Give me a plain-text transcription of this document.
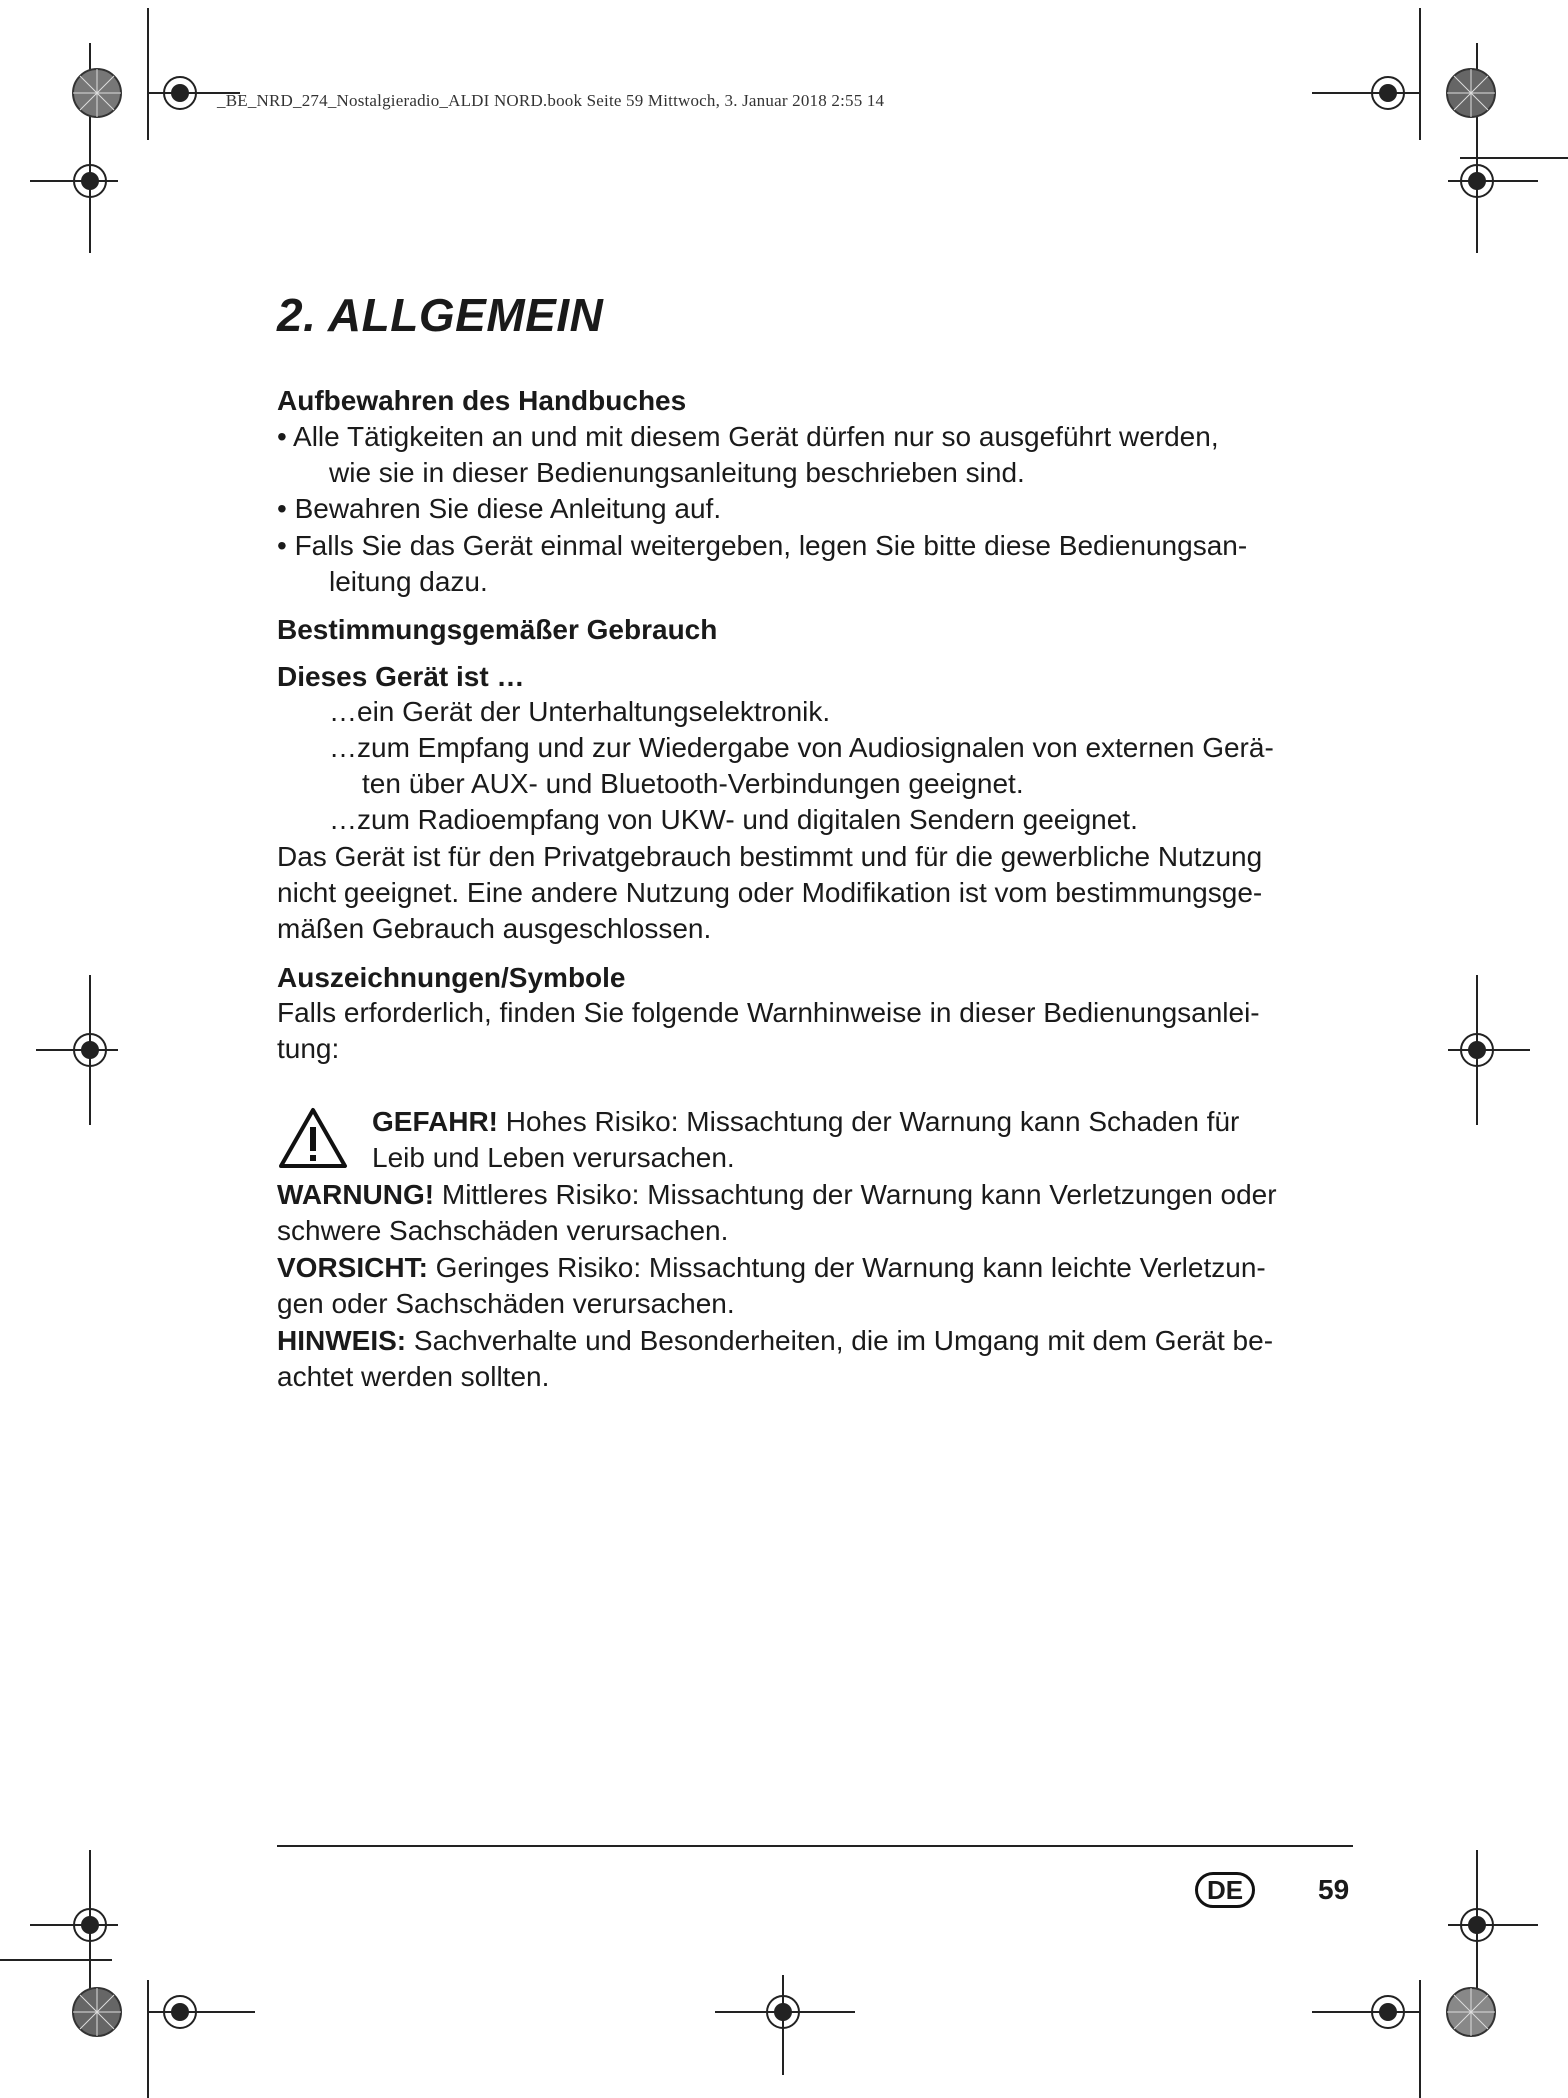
_BE_NRD_274_Nostalgieradio_ALDI NORD.book Seite 59 Mittwoch, 3. Januar 2018 2:55 14
2. ALLGEMEIN
Aufbewahren des Handbuches
• Alle Tätigkeiten an und mit diesem Gerät dürfen nur so ausgeführt werden,
wie sie in dieser Bedienungsanleitung beschrieben sind.
• Bewahren Sie diese Anleitung auf.
• Falls Sie das Gerät einmal weitergeben, legen Sie bitte diese Bedienungsan-
leitung dazu.
Bestimmungsgemäßer Gebrauch
Dieses Gerät ist …
…ein Gerät der Unterhaltungselektronik.
…zum Empfang und zur Wiedergabe von Audiosignalen von externen Gerä-
ten über AUX- und Bluetooth-Verbindungen geeignet.
…zum Radioempfang von UKW- und digitalen Sendern geeignet.
Das Gerät ist für den Privatgebrauch bestimmt und für die gewerbliche Nutzung
nicht geeignet. Eine andere Nutzung oder Modifikation ist vom bestimmungsge-
mäßen Gebrauch ausgeschlossen.
Auszeichnungen/Symbole
Falls erforderlich, finden Sie folgende Warnhinweise in dieser Bedienungsanlei-
tung:
GEFAHR! Hohes Risiko: Missachtung der Warnung kann Schaden für
Leib und Leben verursachen.
WARNUNG! Mittleres Risiko: Missachtung der Warnung kann Verletzungen oder
schwere Sachschäden verursachen.
VORSICHT: Geringes Risiko: Missachtung der Warnung kann leichte Verletzun-
gen oder Sachschäden verursachen.
HINWEIS: Sachverhalte und Besonderheiten, die im Umgang mit dem Gerät be-
achtet werden sollten.
DE	59
